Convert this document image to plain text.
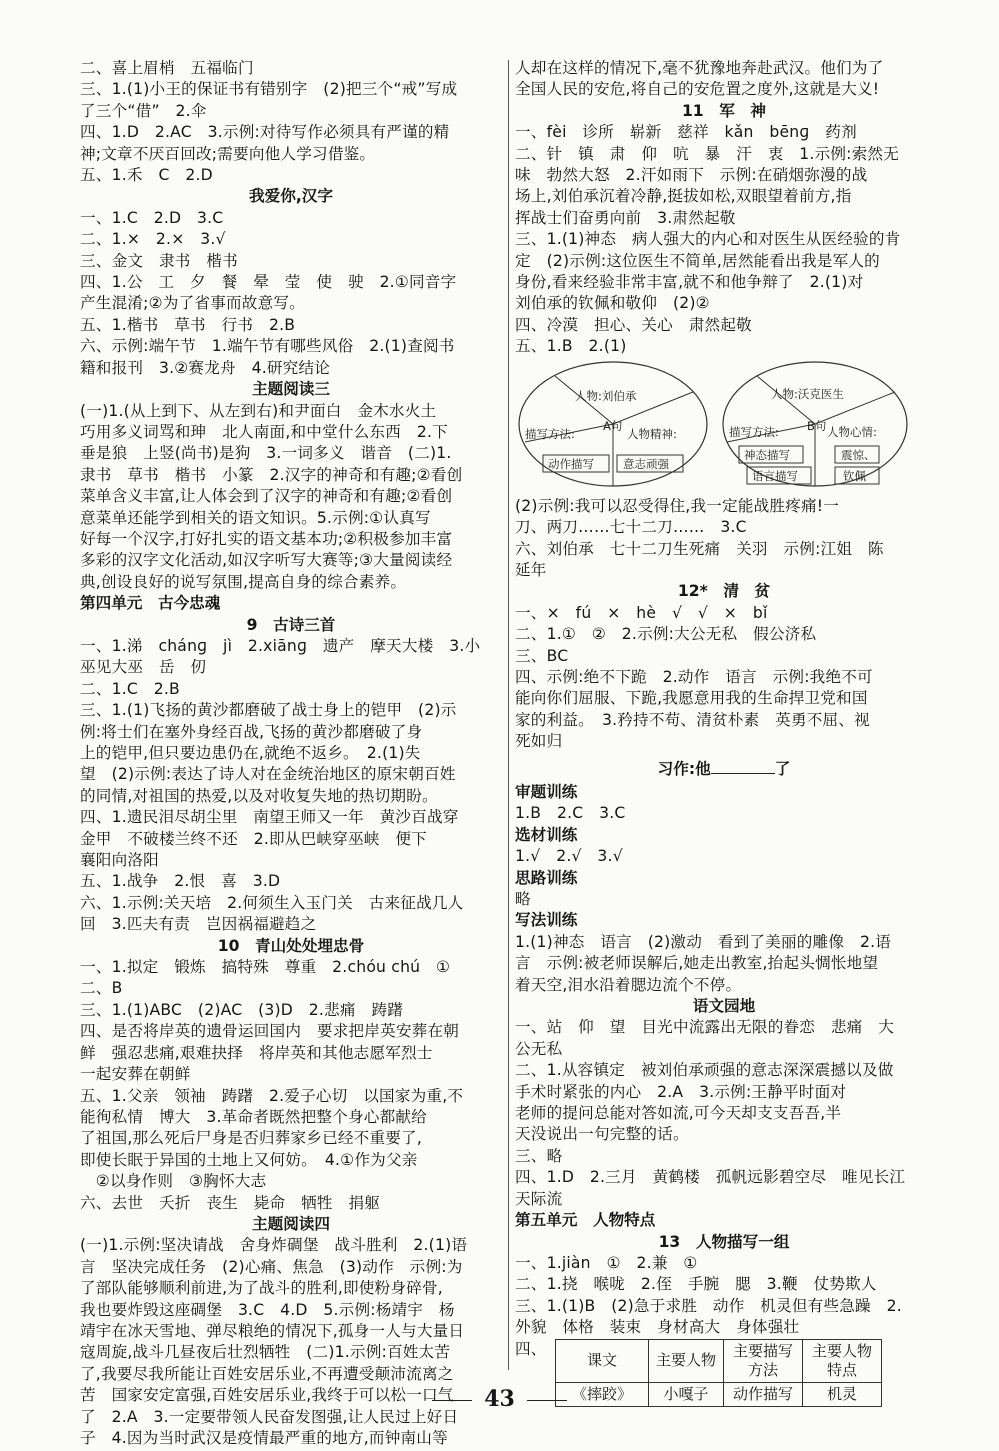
二、喜上眉梢　五福临门
三、1.(1)小王的保证书有错别字　(2)把三个“戒”写成
了三个“借”　2.伞
四、1.D　2.AC　3.示例:对待写作必须具有严谨的精
神;文章不厌百回改;需要向他人学习借鉴。
五、1.禾　C　2.D
我爱你,汉字
一、1.C　2.D　3.C
二、1.×　2.×　3.√
三、金文　隶书　楷书
四、1.公　工　夕　餐　晕　莹　使　驶　2.①同音字
产生混淆;②为了省事而故意写。
五、1.楷书　草书　行书　2.B
六、示例:端午节　1.端午节有哪些风俗　2.(1)查阅书
籍和报刊　3.②赛龙舟　4.研究结论
主题阅读三
(一)1.(从上到下、从左到右)和尹面白　金木水火土
巧用多义词骂和珅　北人南面,和中堂什么东西　2.下
垂是狼　上竖(尚书)是狗　3.一词多义　谐音　(二)1.
隶书　草书　楷书　小篆　2.汉字的神奇和有趣;②看创
菜单含义丰富,让人体会到了汉字的神奇和有趣;②看创
意菜单还能学到相关的语文知识。5.示例:①认真写
好每一个汉字,打好扎实的语文基本功;②积极参加丰富
多彩的汉字文化活动,如汉字听写大赛等;③大量阅读经
典,创设良好的说写氛围,提高自身的综合素养。
第四单元　古今忠魂
9　古诗三首
一、1.涕　chánɡ　jì　2.xiānɡ　遗产　摩天大楼　3.小
巫见大巫　岳　仞
二、1.C　2.B
三、1.(1)飞扬的黄沙都磨破了战士身上的铠甲　(2)示
例:将士们在塞外身经百战,飞扬的黄沙都磨破了身
上的铠甲,但只要边患仍在,就绝不返乡。　2.(1)失
望　(2)示例:表达了诗人对在金统治地区的原宋朝百姓
的同情,对祖国的热爱,以及对收复失地的热切期盼。
四、1.遗民泪尽胡尘里　南望王师又一年　黄沙百战穿
金甲　不破楼兰终不还　2.即从巴峡穿巫峡　便下
襄阳向洛阳
五、1.战争　2.恨　喜　3.D
六、1.示例:关天培　2.何须生入玉门关　古来征战几人
回　3.匹夫有责　岂因祸福避趋之
10　青山处处埋忠骨
一、1.拟定　锻炼　搞特殊　尊重　2.chóu chú　①
二、B
三、1.(1)ABC　(2)AC　(3)D　2.悲痛　踌躇
四、是否将岸英的遗骨运回国内　要求把岸英安葬在朝
鲜　强忍悲痛,艰难抉择　将岸英和其他志愿军烈士
一起安葬在朝鲜
五、1.父亲　领袖　踌躇　2.爱子心切　以国家为重,不
能徇私情　博大　3.革命者既然把整个身心都献给
了祖国,那么死后尸身是否归葬家乡已经不重要了,
即使长眠于异国的土地上又何妨。　4.①作为父亲
　②以身作则　③胸怀大志
六、去世　夭折　丧生　毙命　牺牲　捐躯
主题阅读四
(一)1.示例:坚决请战　舍身炸碉堡　战斗胜利　2.(1)语
言　坚决完成任务　(2)心痛、焦急　(3)动作　示例:为
了部队能够顺利前进,为了战斗的胜利,即使粉身碎骨,
我也要炸毁这座碉堡　3.C　4.D　5.示例:杨靖宇　杨
靖宇在冰天雪地、弹尽粮绝的情况下,孤身一人与大量日
寇周旋,战斗几昼夜后壮烈牺牲　(二)1.示例:百姓太苦
了,我要尽我所能让百姓安居乐业,不再遭受颠沛流离之
苦　国家安定富强,百姓安居乐业,我终于可以松一口气
了　2.A　3.一定要带领人民奋发图强,让人民过上好日
子　4.因为当时武汉是疫情最严重的地方,而钟南山等
人却在这样的情况下,毫不犹豫地奔赴武汉。他们为了
全国人民的安危,将自己的安危置之度外,这就是大义!
11　军　神
一、fèi　诊所　崭新　慈祥　kǎn　bēnɡ　药剂
二、针　镇　肃　仰　吭　暴　汗　衷　1.示例:索然无
味　勃然大怒　2.汗如雨下　示例:在硝烟弥漫的战
场上,刘伯承沉着冷静,挺拔如松,双眼望着前方,指
挥战士们奋勇向前　3.肃然起敬
三、1.(1)神态　病人强大的内心和对医生从医经验的肯
定　(2)示例:这位医生不简单,居然能看出我是军人的
身份,看来经验非常丰富,就不和他争辩了　2.(1)对
刘伯承的钦佩和敬仰　(2)②
四、冷漠　担心、关心　肃然起敬
五、1.B　2.(1)
人物:刘伯承
描写方法:
A句
人物精神:
动作描写	意志顽强
人物:沃克医生
描写方法: B句 人物心情:
神态描写
语言描写
震惊、
钦佩
(2)示例:我可以忍受得住,我一定能战胜疼痛!一
刀、两刀……七十二刀……　3.C
六、刘伯承　七十二刀生死痛　关羽　示例:江姐　陈
延年
12*　清　贫
一、×　fú　×　hè　√　√　×　bǐ
二、1.①　②　2.示例:大公无私　假公济私
三、BC
四、示例:绝不下跪　2.动作　语言　示例:我绝不可
能向你们屈服、下跪,我愿意用我的生命捍卫党和国
家的利益。　3.矜持不苟、清贫朴素　英勇不屈、视
死如归
习作:他	了
审题训练
1.B　2.C　3.C
选材训练
1.√　2.√　3.√
思路训练
略
写法训练
1.(1)神态　语言　(2)激动　看到了美丽的雕像　2.语
言　示例:被老师误解后,她走出教室,抬起头惆怅地望
着天空,泪水沿着腮边流个不停。
语文园地
一、站　仰　望　目光中流露出无限的眷恋　悲痛　大
公无私
二、1.从容镇定　被刘伯承顽强的意志深深震撼以及做
手术时紧张的内心　2.A　3.示例:王静平时面对
老师的提问总能对答如流,可今天却支支吾吾,半
天没说出一句完整的话。
三、略
四、1.D　2.三月　黄鹤楼　孤帆远影碧空尽　唯见长江
天际流
第五单元　人物特点
13　人物描写一组
一、1.jiàn　①　2.兼　①
二、1.挠　喉咙　2.侄　手腕　腮　3.鞭　仗势欺人
三、1.(1)B　(2)急于求胜　动作　机灵但有些急躁　2.
外貌　体格　装束　身材高大　身体强壮
四、
课文	主要人物	主要描写方法	主要人物特点
《摔跤》	小嘎子	动作描写	机灵
43
